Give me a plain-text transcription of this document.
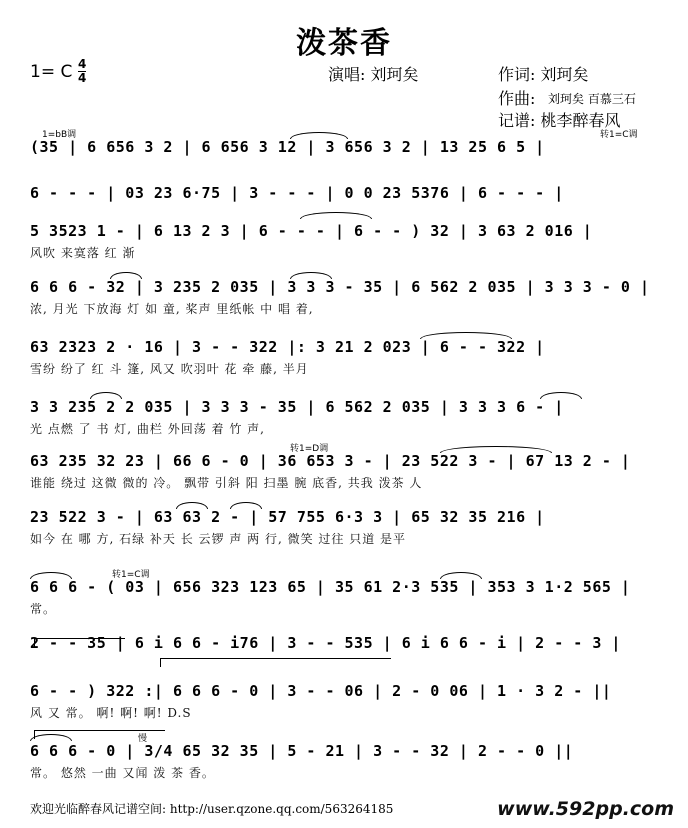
泼茶香
1= C 4
4	演唱: 刘珂矣	作词: 刘珂矣
作曲: 刘珂矣 百慕三石
记谱: 桃李醉春风
(35 | 6 656 3 2 | 6 656 3 12 | 3 656 3 2 | 13 25 6 5 |
1=bB调	转1=C调
6 - - - | 03 23 6·75 | 3 - - - | 0 0 23 5376 | 6 - - - |
5 3523 1 - | 6 13 2 3 | 6 - - - | 6 - - ) 32 | 3 63 2 016 |
风吹 来寞落 红 渐
6 6 6 - 32 | 3 235 2 035 | 3 3 3 - 35 | 6 562 2 035 | 3 3 3 - 0 |
浓, 月光 下放海 灯 如 童, 桨声 里纸帐 中 唱 着,
63 2323 2 · 16 | 3 - - 322 |: 3 21 2 023 | 6 - - 322 |
雪纷 纷了 红 斗 篷, 风又 吹羽叶 花 牵 藤, 半月
3 3 235 2 2 035 | 3 3 3 - 35 | 6 562 2 035 | 3 3 3 6 - |
光 点燃 了 书 灯, 曲栏 外回荡 着 竹 声,
63 235 32 23 | 66 6 - 0 | 36 653 3 - | 23 522 3 - | 67 13 2 - |
谁能 绕过 这微 微的 冷。 飘带 引斜 阳 扫墨 腕 底香, 共我 泼茶 人
转1=D调
23 522 3 - | 63 63 2 - | 57 755 6·3 3 | 65 32 35 216 |
如今 在 哪 方, 石绿 补天 长 云锣 声 两 行, 微笑 过往 只道 是平
6 6 6 - ( 03 | 656 323 123 65 | 35 61 2·3 535 | 353 3 1·2 565 |
常。
转1=C调
2 - - 35 | 6 i 6 6 - i76 | 3 - - 535 | 6 i 6 6 - i | 2 - - 3 |
6 - - ) 322 :| 6 6 6 - 0 | 3 - - 06 | 2 - 0 06 | 1 · 3 2 - ||
风 又 常。 啊! 啊! 啊! D.S
6 6 6 - 0 | 3/4 65 32 35 | 5 - 21 | 3 - - 32 | 2 - - 0 ||
常。 悠然 一曲 又闻 泼 茶 香。
慢
欢迎光临醉春风记谱空间: http://user.qzone.qq.com/563264185	www.592pp.com
